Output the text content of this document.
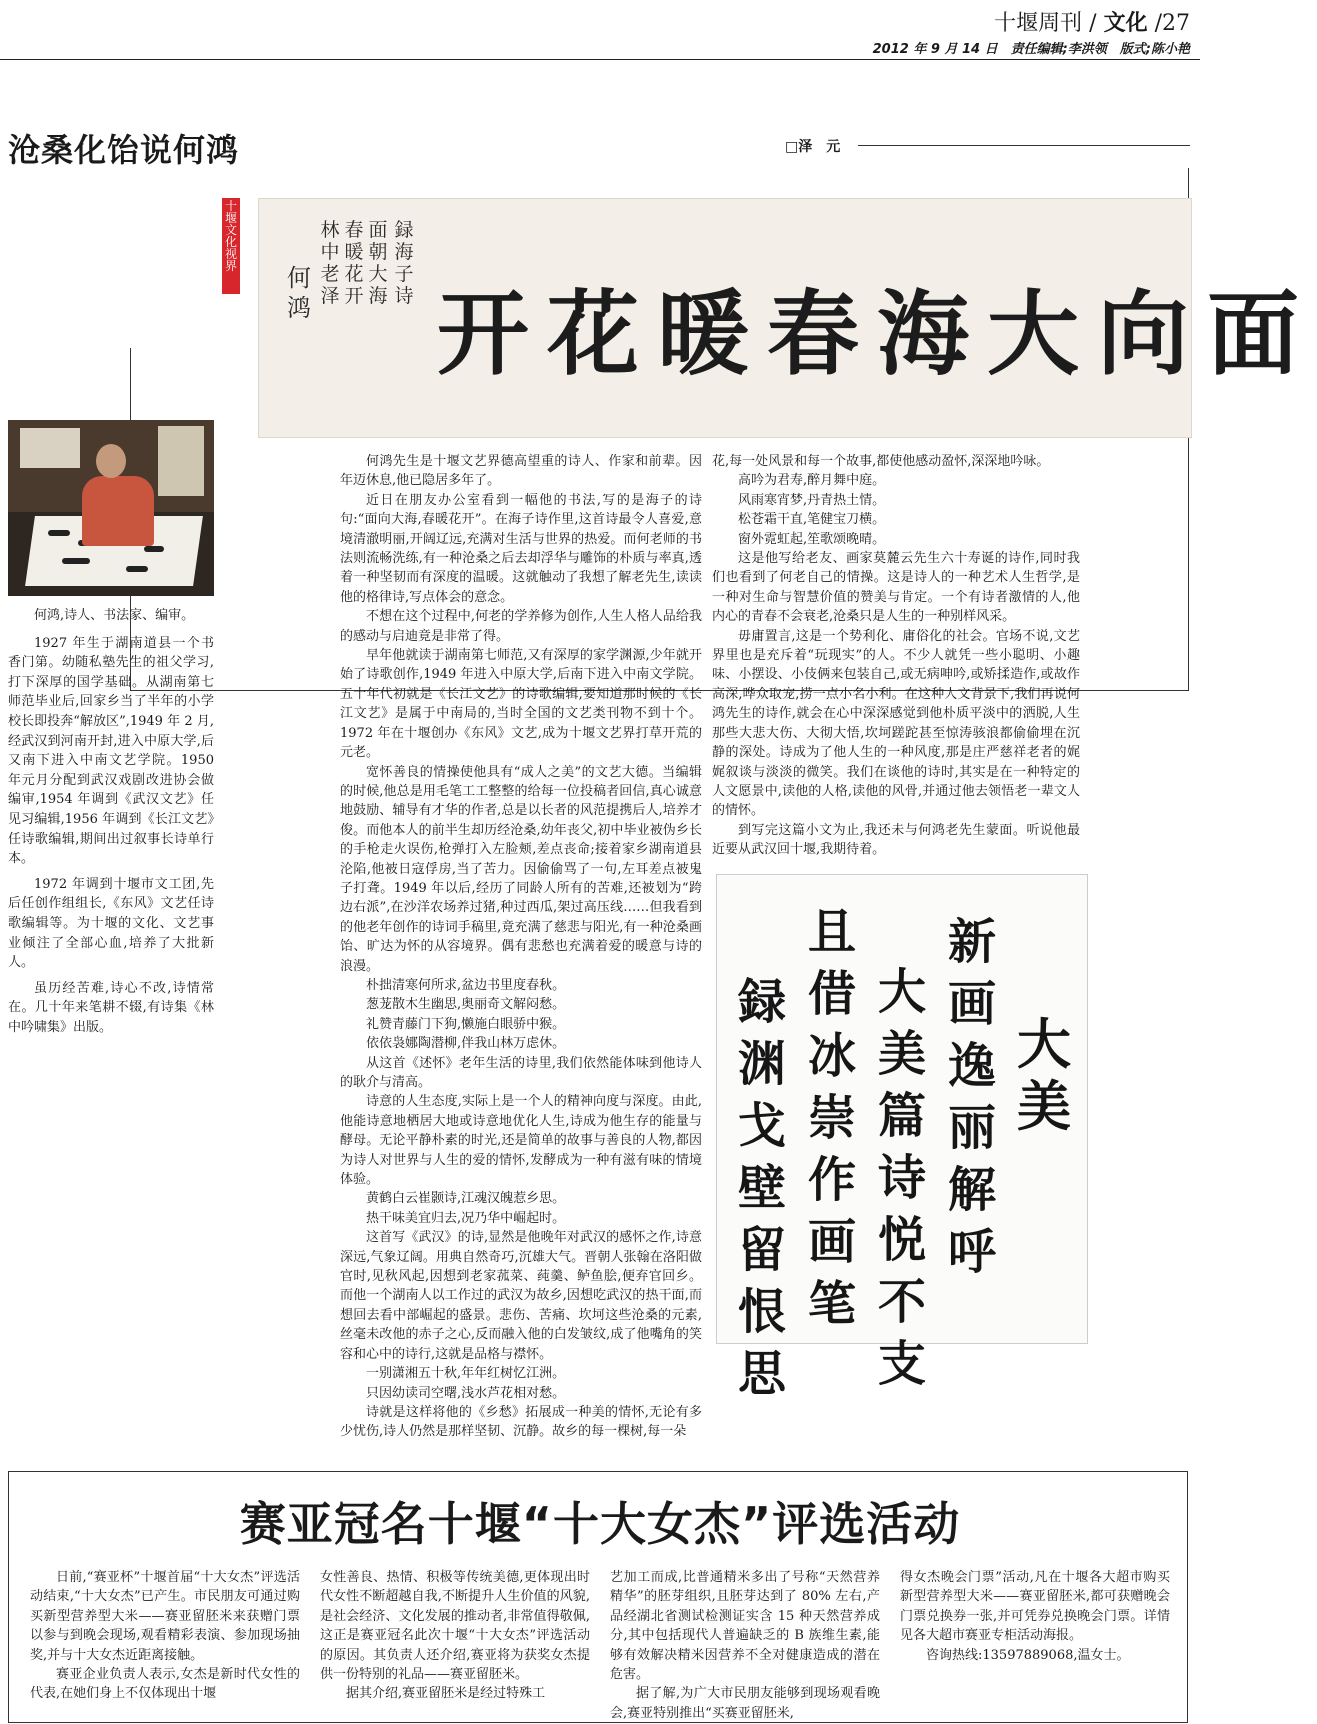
十堰周刊 / 文化 /27
2012 年 9 月 14 日　责任编辑;李洪领　版式;陈小艳
沧桑化饴说何鸿	□泽　元
十堰文化视界
面向大海春暖花开
録海子诗
面朝大海
春暖花开
林中老泽
何鸿

何鸿,诗人、书法家、编审。

1927 年生于湖南道县一个书香门第。幼随私塾先生的祖父学习,打下深厚的国学基础。从湖南第七师范毕业后,回家乡当了半年的小学校长即投奔“解放区”,1949 年 2 月,经武汉到河南开封,进入中原大学,后又南下进入中南文艺学院。1950 年元月分配到武汉戏剧改进协会做编审,1954 年调到《武汉文艺》任见习编辑,1956 年调到《长江文艺》任诗歌编辑,期间出过叙事长诗单行本。

1972 年调到十堰市文工团,先后任创作组组长,《东风》文艺任诗歌编辑等。为十堰的文化、文艺事业倾注了全部心血,培养了大批新人。

虽历经苦难,诗心不改,诗情常在。几十年来笔耕不辍,有诗集《林中吟啸集》出版。

何鸿先生是十堰文艺界德高望重的诗人、作家和前辈。因年迈休息,他已隐居多年了。

近日在朋友办公室看到一幅他的书法,写的是海子的诗句:“面向大海,春暖花开”。在海子诗作里,这首诗最令人喜爱,意境清澈明丽,开阔辽远,充满对生活与世界的热爱。而何老师的书法则流畅洗练,有一种沧桑之后去却浮华与雕饰的朴质与率真,透着一种坚韧而有深度的温暖。这就触动了我想了解老先生,读读他的格律诗,写点体会的意念。

不想在这个过程中,何老的学养修为创作,人生人格人品给我的感动与启迪竟是非常了得。

早年他就读于湖南第七师范,又有深厚的家学渊源,少年就开始了诗歌创作,1949 年进入中原大学,后南下进入中南文学院。五十年代初就是《长江文艺》的诗歌编辑,要知道那时候的《长江文艺》是属于中南局的,当时全国的文艺类刊物不到十个。1972 年在十堰创办《东风》文艺,成为十堰文艺界打草开荒的元老。

宽怀善良的情操使他具有“成人之美”的文艺大德。当编辑的时候,他总是用毛笔工工整整的给每一位投稿者回信,真心诚意地鼓励、辅导有才华的作者,总是以长者的风范提携后人,培养才俊。而他本人的前半生却历经沧桑,幼年丧父,初中毕业被伪乡长的手枪走火误伤,枪弹打入左脸颊,差点丧命;接着家乡湖南道县沦陷,他被日寇俘房,当了苦力。因偷偷骂了一句,左耳差点被鬼子打聋。1949 年以后,经历了同龄人所有的苦难,还被划为“跨边右派”,在沙洋农场养过猪,种过西瓜,架过高压线……但我看到的他老年创作的诗词手稿里,竟充满了慈悲与阳光,有一种沧桑画饴、旷达为怀的从容境界。偶有悲愁也充满着爱的暖意与诗的浪漫。

朴拙清寒何所求,盆边书里度春秋。

葱茏散木生幽思,奥丽奇文解闷愁。

礼赞青藤门下狗,懒施白眼骄中猴。

依依袅娜陶潜柳,伴我山林万虑休。

从这首《述怀》老年生活的诗里,我们依然能体味到他诗人的耿介与清高。

诗意的人生态度,实际上是一个人的精神向度与深度。由此,他能诗意地栖居大地或诗意地优化人生,诗成为他生存的能量与酵母。无论平静朴素的时光,还是简单的故事与善良的人物,都因为诗人对世界与人生的爱的情怀,发酵成为一种有滋有味的情境体验。

黄鹤白云崔颢诗,江魂汉魄惹乡思。

热干味美宜归去,况乃华中崛起时。

这首写《武汉》的诗,显然是他晚年对武汉的感怀之作,诗意深远,气象辽阔。用典自然奇巧,沉雄大气。晋朝人张翰在洛阳做官时,见秋风起,因想到老家菰菜、莼羹、鲈鱼脍,便弃官回乡。而他一个湖南人以工作过的武汉为故乡,因想吃武汉的热干面,而想回去看中部崛起的盛景。悲伤、苦痛、坎坷这些沧桑的元素,丝毫未改他的赤子之心,反而融入他的白发皱纹,成了他嘴角的笑容和心中的诗行,这就是品格与襟怀。

一别潇湘五十秋,年年红树忆江洲。

只因幼读司空曙,浅水芦花相对愁。

诗就是这样将他的《乡愁》拓展成一种美的情怀,无论有多少忧伤,诗人仍然是那样坚韧、沉静。故乡的每一棵树,每一朵

花,每一处风景和每一个故事,都使他感动盈怀,深深地吟咏。

高吟为君寿,醉月舞中庭。

风雨寒宵梦,丹青热土情。

松苍霜干直,笔健宝刀横。

窗外霓虹起,笙歌颂晚晴。

这是他写给老友、画家莫麓云先生六十寿诞的诗作,同时我们也看到了何老自己的情操。这是诗人的一种艺术人生哲学,是一种对生命与智慧价值的赞美与肯定。一个有诗者激情的人,他内心的青春不会衰老,沧桑只是人生的一种别样风采。

毋庸置言,这是一个势利化、庸俗化的社会。官场不说,文艺界里也是充斥着“玩现实”的人。不少人就凭一些小聪明、小趣味、小摆设、小伎俩来包装自己,或无病呻吟,或矫揉造作,或故作高深,哗众取宠,捞一点小名小利。在这种人文背景下,我们再说何鸿先生的诗作,就会在心中深深感觉到他朴质平淡中的洒脱,人生那些大悲大伤、大彻大悟,坎坷蹉跎甚至惊涛骇浪都偷偷埋在沉静的深处。诗成为了他人生的一种风度,那是庄严慈祥老者的娓娓叙谈与淡淡的微笑。我们在谈他的诗时,其实是在一种特定的人文愿景中,读他的人格,读他的风骨,并通过他去领悟老一辈文人的情怀。

到写完这篇小文为止,我还未与何鸿老先生蒙面。听说他最近要从武汉回十堰,我期待着。

大美
新画逸丽解呼
大美篇诗悦不支
且借冰崇作画笔
録渊戈壁留恨思
赛亚冠名十堰“十大女杰”评选活动

日前,“赛亚杯”十堰首届“十大女杰”评选活动结束,“十大女杰”已产生。市民朋友可通过购买新型营养型大米——赛亚留胚米来获赠门票以参与到晚会现场,观看精彩表演、参加现场抽奖,并与十大女杰近距离接触。

赛亚企业负责人表示,女杰是新时代女性的代表,在她们身上不仅体现出十堰

女性善良、热情、积极等传统美德,更体现出时代女性不断超越自我,不断提升人生价值的风貌,是社会经济、文化发展的推动者,非常值得敬佩,这正是赛亚冠名此次十堰“十大女杰”评选活动的原因。其负责人还介绍,赛亚将为获奖女杰提供一份特别的礼品——赛亚留胚米。

据其介绍,赛亚留胚米是经过特殊工

艺加工而成,比普通精米多出了号称“天然营养精华”的胚芽组织,且胚芽达到了 80% 左右,产品经湖北省测试检测证实含 15 种天然营养成分,其中包括现代人普遍缺乏的 B 族维生素,能够有效解决精米因营养不全对健康造成的潜在危害。

据了解,为广大市民朋友能够到现场观看晚会,赛亚特别推出“买赛亚留胚米,

得女杰晚会门票”活动,凡在十堰各大超市购买新型营养型大米——赛亚留胚米,都可获赠晚会门票兑换券一张,并可凭券兑换晚会门票。详情见各大超市赛亚专柜活动海报。

咨询热线:13597889068,温女士。
